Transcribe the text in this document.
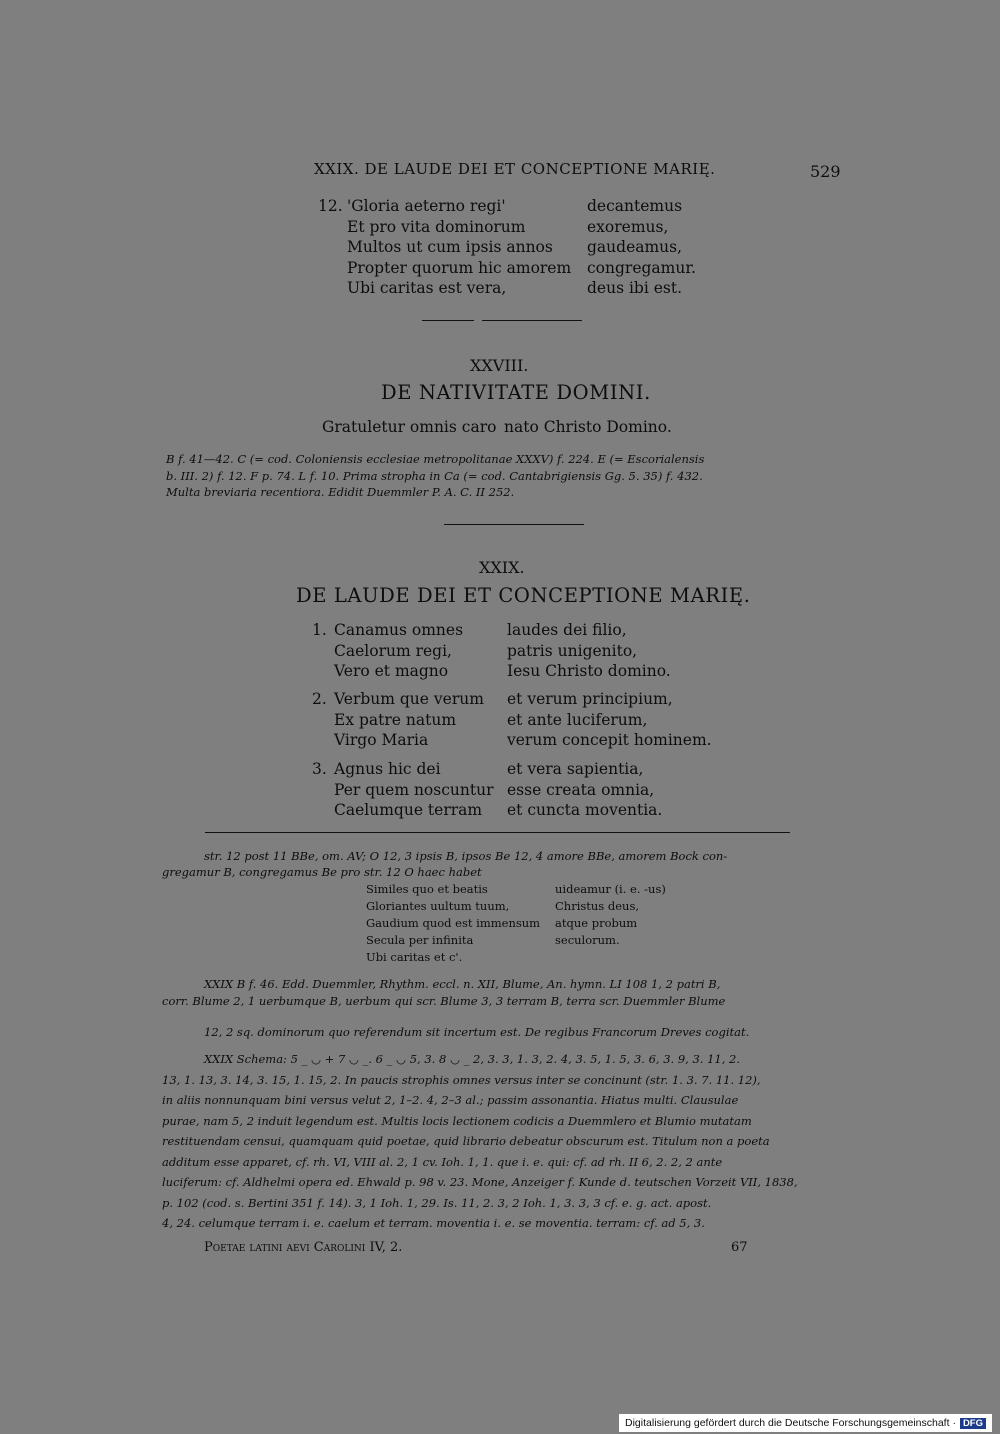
XXIX. DE LAUDE DEI ET CONCEPTIONE MARIĘ.	529
12. 'Gloria aeterno regi'
Et pro vita dominorum
Multos ut cum ipsis annos
Propter quorum hic amorem
Ubi caritas est vera,
decantemus
exoremus,
gaudeamus,
congregamur.
deus ibi est.
XXVIII.
DE NATIVITATE DOMINI.
Gratuletur omnis caro nato Christo Domino.
B f. 41—42. C (= cod. Coloniensis ecclesiae metropolitanae XXXV) f. 224. E (= Escorialensis
b. III. 2) f. 12. F p. 74. L f. 10. Prima stropha in Ca (= cod. Cantabrigiensis Gg. 5. 35) f. 432.
Multa breviaria recentiora. Edidit Duemmler P. A. C. II 252.
XXIX.
DE LAUDE DEI ET CONCEPTIONE MARIĘ.
1. Canamus omnes
Caelorum regi,
Vero et magno
laudes dei filio,
patris unigenito,
Iesu Christo domino.
2. Verbum que verum
Ex patre natum
Virgo Maria
et verum principium,
et ante luciferum,
verum concepit hominem.
3. Agnus hic dei
Per quem noscuntur
Caelumque terram
et vera sapientia,
esse creata omnia,
et cuncta moventia.
str. 12 post 11 BBe, om. AV; O 12, 3 ipsis B, ipsos Be 12, 4 amore BBe, amorem Bock con-
gregamur B, congregamus Be pro str. 12 O haec habet
Similes quo et beatis
Gloriantes uultum tuum,
Gaudium quod est immensum
Secula per infinita
Ubi caritas et c'.
uideamur (i. e. -us)
Christus deus,
atque probum
seculorum.
XXIX B f. 46. Edd. Duemmler, Rhythm. eccl. n. XII, Blume, An. hymn. LI 108 1, 2 patri B,
corr. Blume 2, 1 uerbumque B, uerbum qui scr. Blume 3, 3 terram B, terra scr. Duemmler Blume
12, 2 sq. dominorum quo referendum sit incertum est. De regibus Francorum Dreves cogitat.
XXIX Schema: 5 _ ◡ + 7 ◡ _. 6 _ ◡ 5, 3. 8 ◡ _ 2, 3. 3, 1. 3, 2. 4, 3. 5, 1. 5, 3. 6, 3. 9, 3. 11, 2.
13, 1. 13, 3. 14, 3. 15, 1. 15, 2. In paucis strophis omnes versus inter se concinunt (str. 1. 3. 7. 11. 12),
in aliis nonnunquam bini versus velut 2, 1–2. 4, 2–3 al.; passim assonantia. Hiatus multi. Clausulae
purae, nam 5, 2 induit legendum est. Multis locis lectionem codicis a Duemmlero et Blumio mutatam
restituendam censui, quamquam quid poetae, quid librario debeatur obscurum est. Titulum non a poeta
additum esse apparet, cf. rh. VI, VIII al. 2, 1 cv. Ioh. 1, 1. que i. e. qui: cf. ad rh. II 6, 2. 2, 2 ante
luciferum: cf. Aldhelmi opera ed. Ehwald p. 98 v. 23. Mone, Anzeiger f. Kunde d. teutschen Vorzeit VII, 1838,
p. 102 (cod. s. Bertini 351 f. 14). 3, 1 Ioh. 1, 29. Is. 11, 2. 3, 2 Ioh. 1, 3. 3, 3 cf. e. g. act. apost.
4, 24. celumque terram i. e. caelum et terram. moventia i. e. se moventia. terram: cf. ad 5, 3.
Poetae latini aevi Carolini IV, 2.	67
Digitalisierung gefördert durch die Deutsche Forschungsgemeinschaft · DFG
